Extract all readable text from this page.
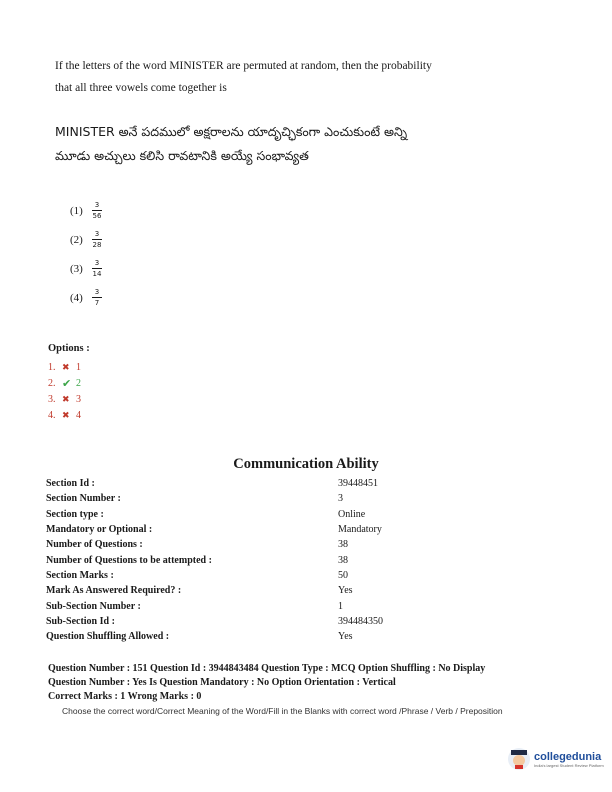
If the letters of the word MINISTER are permuted at random, then the probability
that all three vowels come together is
MINISTER అనే పదములో అక్షరాలను యాదృచ్ఛికంగా ఎంచుకుంటే అన్ని
మూడు అచ్చులు కలిసి రావటానికి అయ్యే సంభావ్యత
(1)	$\frac{3}{56}$
(2)	$\frac{3}{28}$
(3)	$\frac{3}{14}$
(4)	$\frac{3}{7}$
Options :
1. ✖ 1
2. ✔ 2
3. ✖ 3
4. ✖ 4
Communication Ability
Section Id :	39448451
Section Number :	3
Section type :	Online
Mandatory or Optional :	Mandatory
Number of Questions :	38
Number of Questions to be attempted :	38
Section Marks :	50
Mark As Answered Required? :	Yes
Sub-Section Number :	1
Sub-Section Id :	394484350
Question Shuffling Allowed :	Yes
Question Number : 151 Question Id : 3944843484 Question Type : MCQ Option Shuffling : No Display
Question Number : Yes Is Question Mandatory : No Option Orientation : Vertical
Correct Marks : 1 Wrong Marks : 0
Choose the correct word/Correct Meaning of the Word/Fill in the Blanks with correct word /Phrase / Verb / Preposition
collegedunia
India's largest Student Review Platform
